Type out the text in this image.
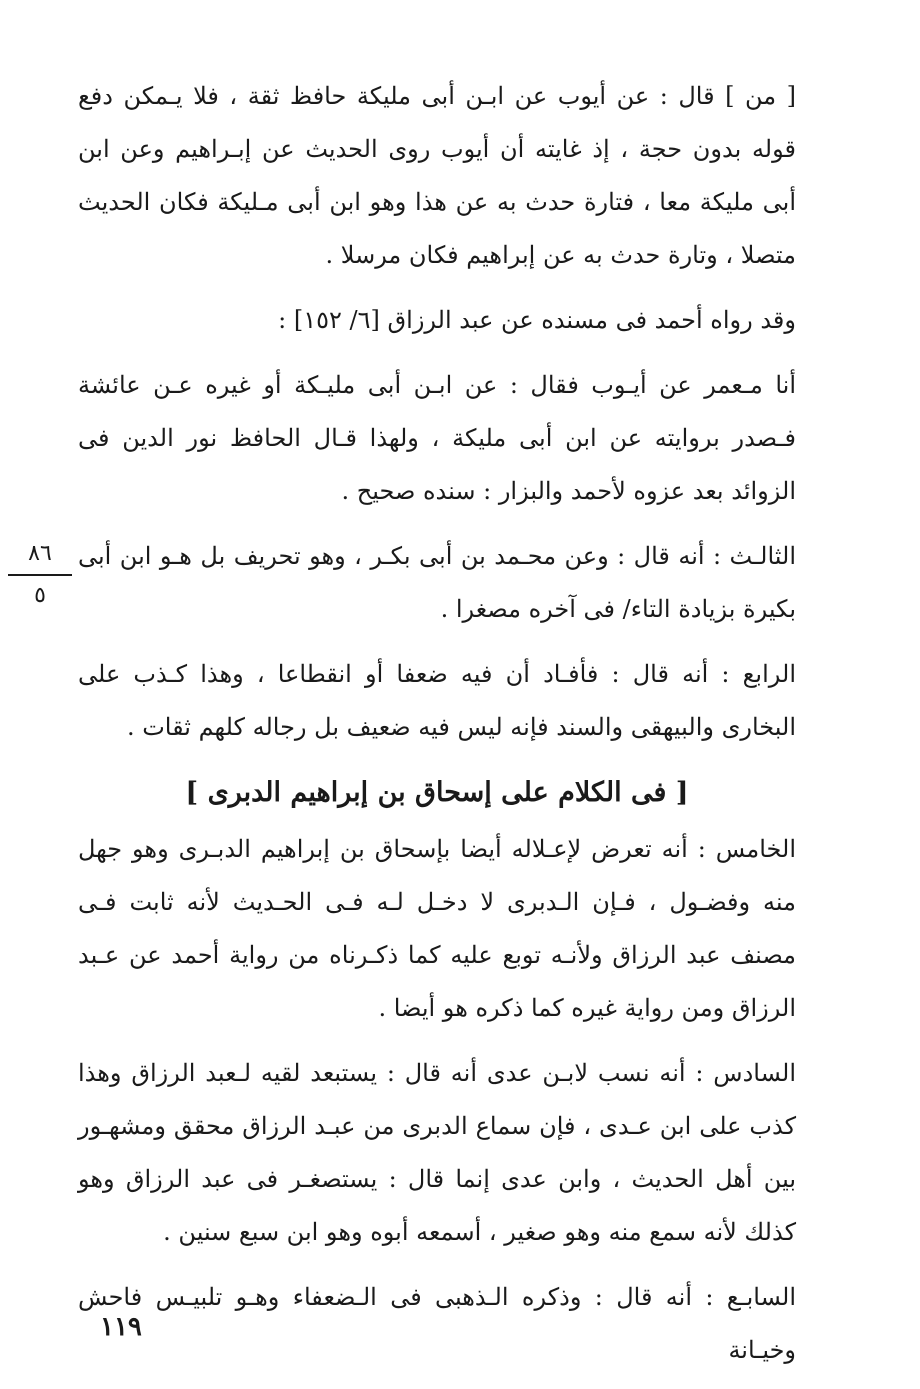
[ من ] قال : عن أيوب عن ابـن أبى مليكة حافظ ثقة ، فلا يـمكن دفع قوله بدون حجة ، إذ غايته أن أيوب روى الحديث عن إبـراهيم وعن ابن أبى مليكة معا ، فتارة حدث به عن هذا وهو ابن أبى مـليكة فكان الحديث متصلا ، وتارة حدث به عن إبراهيم فكان مرسلا .

وقد رواه أحمد فى مسنده عن عبد الرزاق [٦/ ١٥٢] :

أنا مـعمر عن أيـوب فقال : عن ابـن أبى مليـكة أو غيره عـن عائشة فـصدر بروايته عن ابن أبى مليكة ، ولهذا قـال الحافظ نور الدين فى الزوائد بعد عزوه لأحمد والبزار : سنده صحيح .

الثالـث : أنه قال : وعن محـمد بن أبى بكـر ، وهو تحريف بل هـو ابن أبى بكيرة بزيادة التاء/ فى آخره مصغرا .

الرابع : أنه قال : فأفـاد أن فيه ضعفا أو انقطاعا ، وهذا كـذب على البخارى والبيهقى والسند فإنه ليس فيه ضعيف بل رجاله كلهم ثقات .

[ فى الكلام على إسحاق بن إبراهيم الدبرى ]

الخامس : أنه تعرض لإعـلاله أيضا بإسحاق بن إبراهيم الدبـرى وهو جهل منه وفضـول ، فـإن الـدبرى لا دخـل لـه فـى الحـديث لأنه ثابت فـى مصنف عبد الرزاق ولأنـه توبع عليه كما ذكـرناه من رواية أحمد عن عـبد الرزاق ومن رواية غيره كما ذكره هو أيضا .

السادس : أنه نسب لابـن عدى أنه قال : يستبعد لقيه لـعبد الرزاق وهذا كذب على ابن عـدى ، فإن سماع الدبرى من عبـد الرزاق محقق ومشهـور بين أهل الحديث ، وابن عدى إنما قال : يستصغـر فى عبد الرزاق وهو كذلك لأنه سمع منه وهو صغير ، أسمعه أبوه وهو ابن سبع سنين .

السابـع : أنه قال : وذكره الـذهبى فى الـضعفاء وهـو تلبيـس فاحش وخيـانة

٨٦
٥
١١٩
